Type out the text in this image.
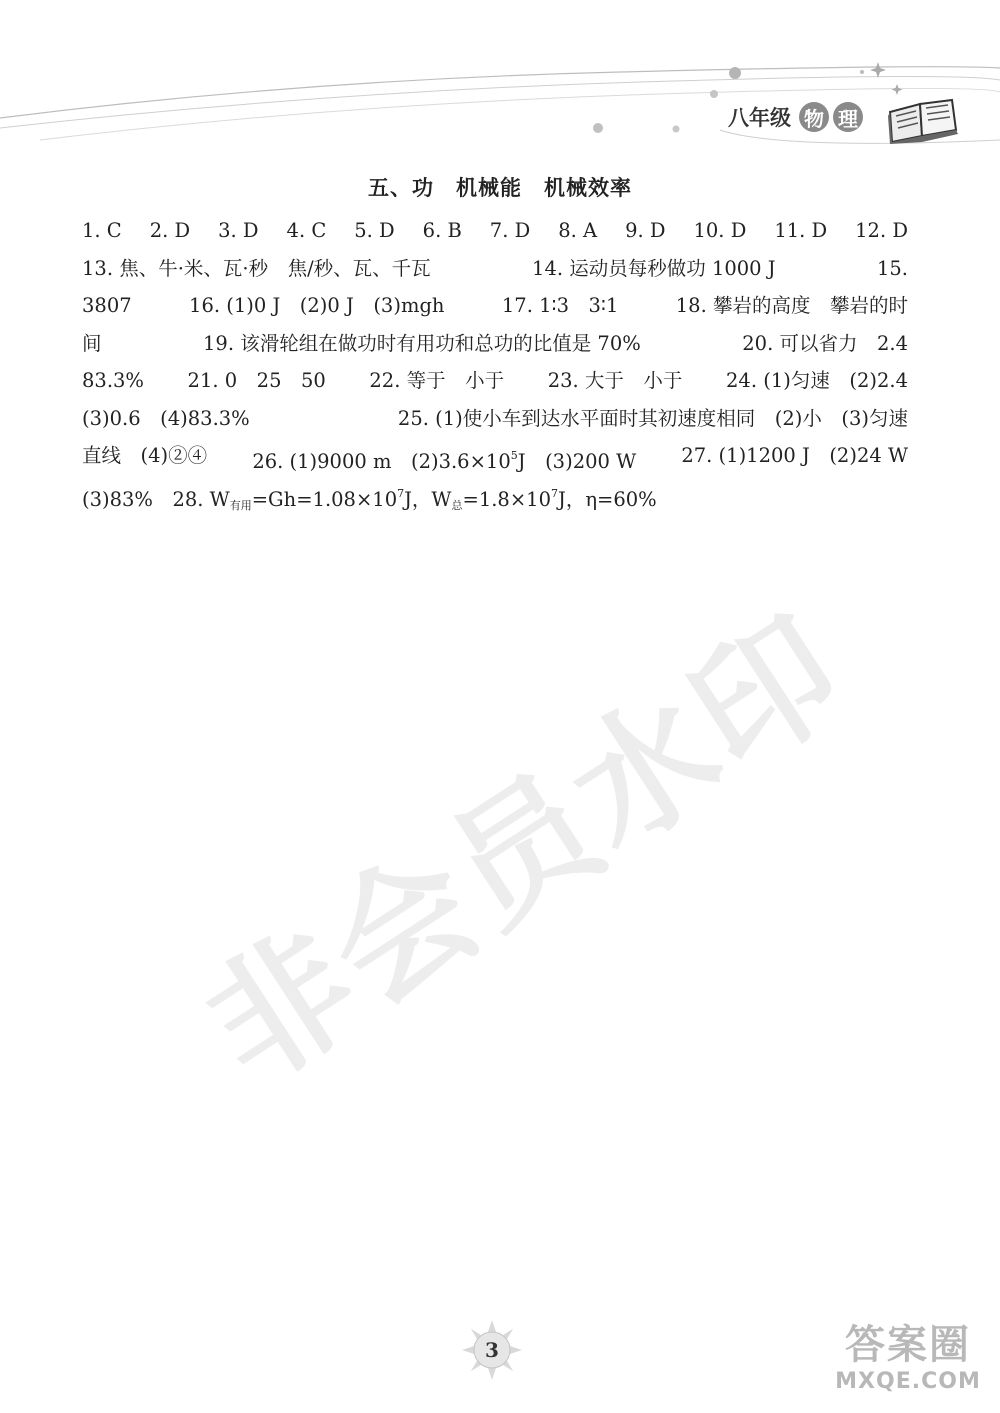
八年级 物 理
五、功　机械能　机械效率
1. C 2. D 3. D 4. C 5. D 6. B 7. D 8. A 9. D 10. D 11. D 12. D
13. 焦、牛·米、瓦·秒　焦/秒、瓦、千瓦	14. 运动员每秒做功 1000 J	15.
3807	16. (1)0 J　(2)0 J　(3)mgh	17. 1∶3　3∶1	18. 攀岩的高度　攀岩的时
间	19. 该滑轮组在做功时有用功和总功的比值是 70%	20. 可以省力　2.4
83.3% 21. 0　25　50 22. 等于　小于 23. 大于　小于 24. (1)匀速　(2)2.4
(3)0.6　(4)83.3%	25. (1)使小车到达水平面时其初速度相同　(2)小　(3)匀速
直线　(4)②④ 26. (1)9000 m　(2)3.6×105J　(3)200 W 27. (1)1200 J　(2)24 W
(3)83%　28. W有用=Gh=1.08×107J，W总=1.8×107J，η=60%
非会员水印
3	答案圈
MXQE.COM
